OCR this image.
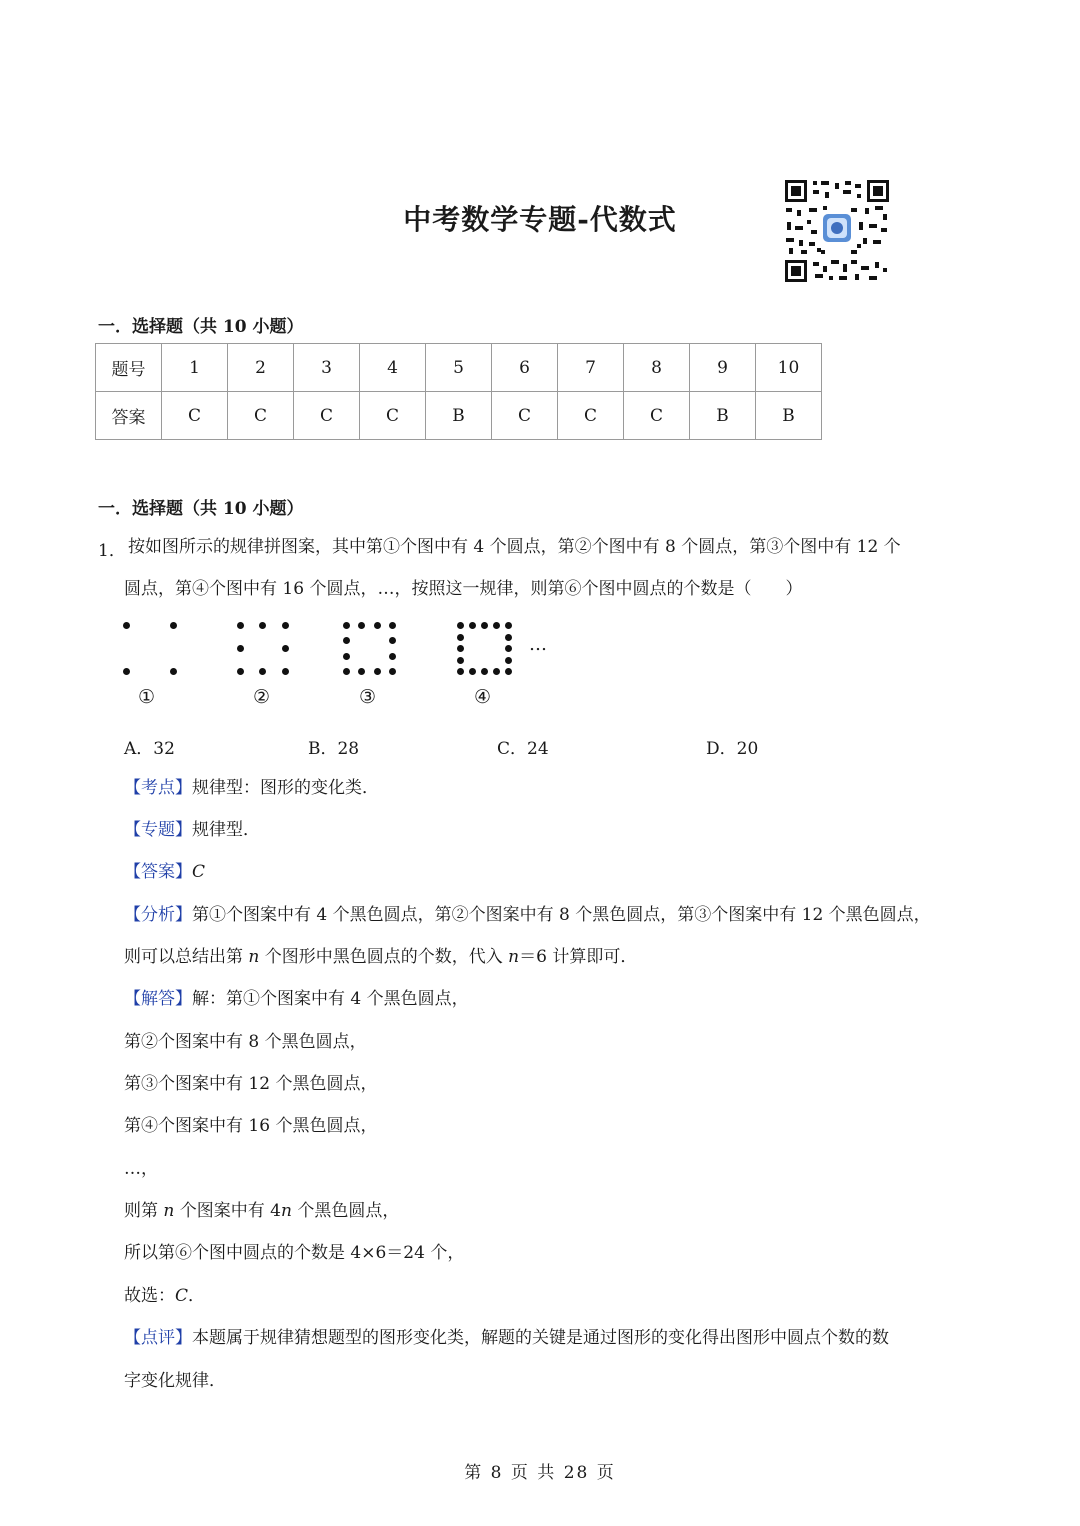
中考数学专题-代数式
一．选择题（共 10 小题）
题号	1	2	3	4	5	6	7	8	9	10
答案	C	C	C	C	B	C	C	C	B	B
一．选择题（共 10 小题）
1． 按如图所示的规律拼图案，其中第①个图中有 4 个圆点，第②个图中有 8 个圆点，第③个图中有 12 个
圆点，第④个图中有 16 个圆点，…，按照这一规律，则第⑥个图中圆点的个数是（　　）
…
①	②	③	④
A．32	B．28	C．24	D．20
【考点】规律型：图形的变化类．
【专题】规律型．
【答案】C
【分析】第①个图案中有 4 个黑色圆点，第②个图案中有 8 个黑色圆点，第③个图案中有 12 个黑色圆点，
则可以总结出第 n 个图形中黑色圆点的个数，代入 n＝6 计算即可．
【解答】解：第①个图案中有 4 个黑色圆点，
第②个图案中有 8 个黑色圆点，
第③个图案中有 12 个黑色圆点，
第④个图案中有 16 个黑色圆点，
…，
则第 n 个图案中有 4n 个黑色圆点，
所以第⑥个图中圆点的个数是 4×6＝24 个，
故选：C．
【点评】本题属于规律猜想题型的图形变化类，解题的关键是通过图形的变化得出图形中圆点个数的数
字变化规律．
第 8 页 共 28 页
